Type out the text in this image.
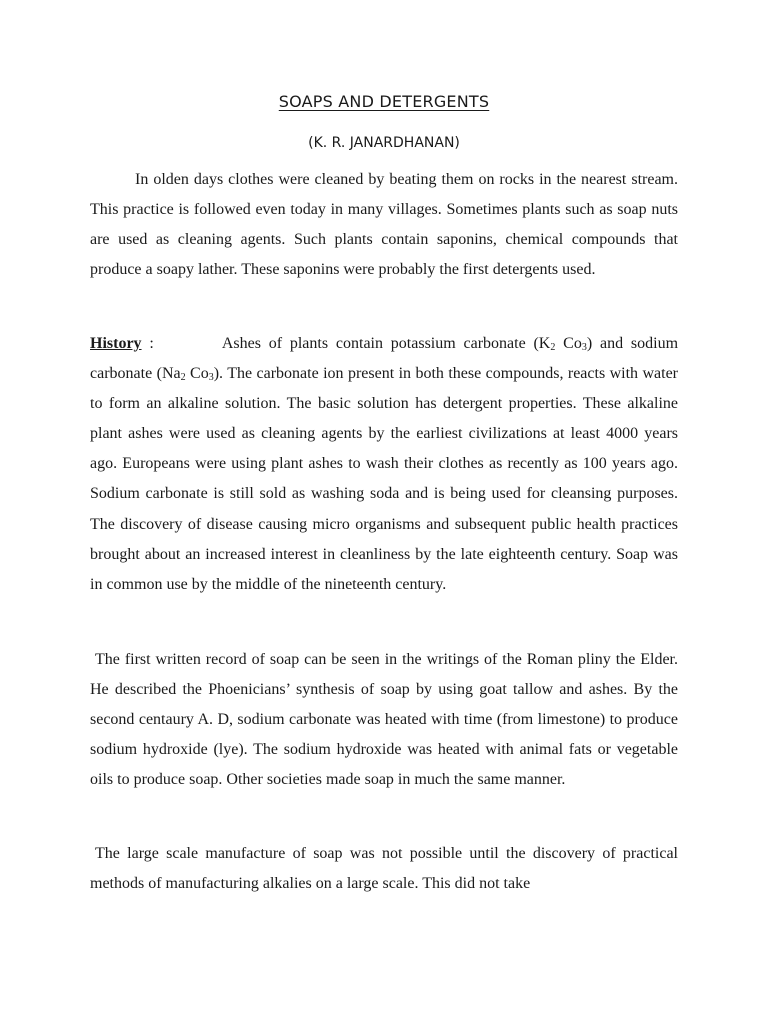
SOAPS AND DETERGENTS

(K. R. JANARDHANAN)

In olden days clothes were cleaned by beating them on rocks in the nearest stream. This practice is followed even today in many villages. Sometimes plants such as soap nuts are used as cleaning agents. Such plants contain saponins, chemical compounds that produce a soapy lather. These saponins were probably the first detergents used.

History :	Ashes of plants contain potassium carbonate ($K_2$ $Co_3$) and sodium carbonate ($Na_2$ $Co_3$). The carbonate ion present in both these compounds, reacts with water to form an alkaline solution. The basic solution has detergent properties. These alkaline plant ashes were used as cleaning agents by the earliest civilizations at least 4000 years ago. Europeans were using plant ashes to wash their clothes as recently as 100 years ago. Sodium carbonate is still sold as washing soda and is being used for cleansing purposes. The discovery of disease causing micro organisms and subsequent public health practices brought about an increased interest in cleanliness by the late eighteenth century. Soap was in common use by the middle of the nineteenth century.

The first written record of soap can be seen in the writings of the Roman pliny the Elder. He described the Phoenicians’ synthesis of soap by using goat tallow and ashes. By the second centaury A. D, sodium carbonate was heated with time (from limestone) to produce sodium hydroxide (lye). The sodium hydroxide was heated with animal fats or vegetable oils to produce soap. Other societies made soap in much the same manner.

The large scale manufacture of soap was not possible until the discovery of practical methods of manufacturing alkalies on a large scale. This did not take
